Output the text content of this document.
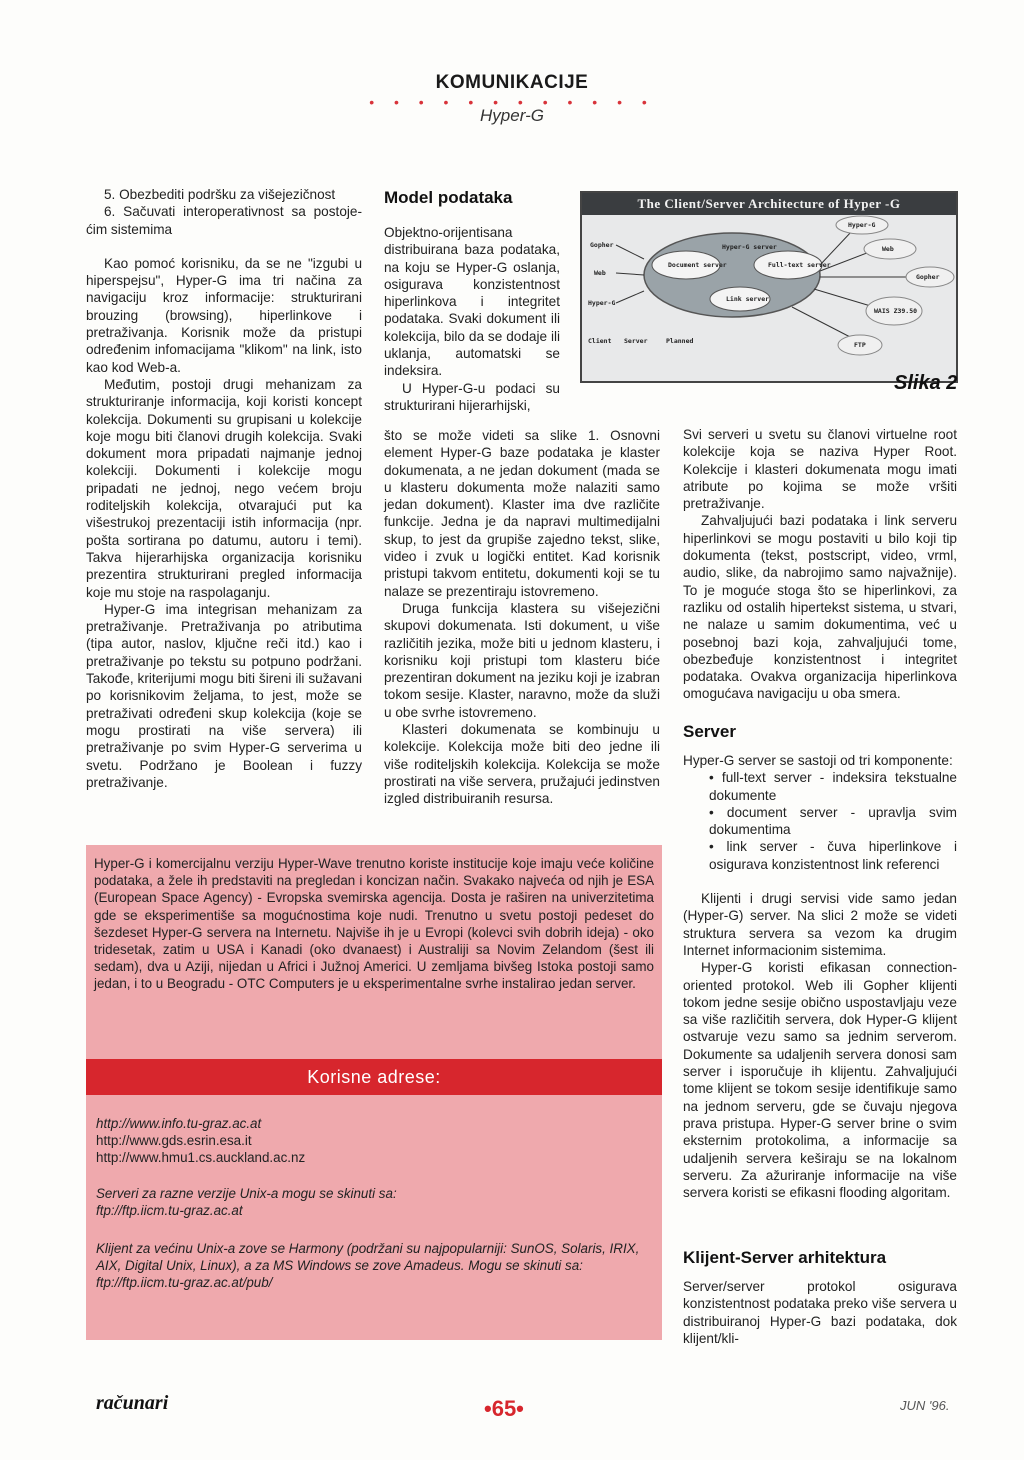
KOMUNIKACIJE
• • • • • • • • • • • •
Hyper-G

5. Obezbediti podršku za višejezičnost

6. Sačuvati interoperativnost sa postoje-ćim sistemima

Kao pomoć korisniku, da se ne "izgubi u hiperspejsu", Hyper-G ima tri načina za navigaciju kroz informacije: strukturirani brouzing (browsing), hiperlinkove i pretraživanja. Korisnik može da pristupi određenim infomacijama "klikom" na link, isto kao kod Web-a.

Međutim, postoji drugi mehanizam za strukturiranje informacija, koji koristi koncept kolekcija. Dokumenti su grupisani u kolekcije koje mogu biti članovi drugih kolekcija. Svaki dokument mora pripadati najmanje jednoj kolekciji. Dokumenti i kolekcije mogu pripadati ne jednoj, nego većem broju roditeljskih kolekcija, otvarajući put ka višestrukoj prezentaciji istih informacija (npr. pošta sortirana po datumu, autoru i temi). Takva hijerarhijska organizacija korisniku prezentira strukturirani pregled informacija koje mu stoje na raspolaganju.

Hyper-G ima integrisan mehanizam za pretraživanje. Pretraživanja po atributima (tipa autor, naslov, ključne reči itd.) kao i pretraživanje po tekstu su potpuno podržani. Takođe, kriterijumi mogu biti šireni ili sužavani po korisnikovim željama, to jest, može se pretraživati određeni skup kolekcija (koje se mogu prostirati na više servera) ili pretraživanje po svim Hyper-G serverima u svetu. Podržano je Boolean i fuzzy pretraživanje.

Model podataka

Objektno-orijentisana distribuirana baza podataka, na koju se Hyper-G oslanja, osigurava konzistentnost hiperlinkova i integritet podataka. Svaki dokument ili kolekcija, bilo da se dodaje ili uklanja, automatski se indeksira.

U Hyper-G-u podaci su strukturirani hijerarhijski,

što se može videti sa slike 1. Osnovni element Hyper-G baze podataka je klaster dokumenata, a ne jedan dokument (mada se u klasteru dokumenta može nalaziti samo jedan dokument). Klaster ima dve različite funkcije. Jedna je da napravi multimedijalni skup, to jest da grupiše zajedno tekst, slike, video i zvuk u logički entitet. Kad korisnik pristupi takvom entitetu, dokumenti koji se tu nalaze se prezentiraju istovremeno.

Druga funkcija klastera su višejezični skupovi dokumenata. Isti dokument, u više različitih jezika, može biti u jednom klasteru, i korisniku koji pristupi tom klasteru biće prezentiran dokument na jeziku koji je izabran tokom sesije. Klaster, naravno, može da služi u obe svrhe istovremeno.

Klasteri dokumenata se kombinuju u kolekcije. Kolekcija može biti deo jedne ili više roditeljskih kolekcija. Kolekcija se može prostirati na više servera, pružajući jedinstven izgled distribuiranih resursa.

The Client/Server Architecture of Hyper -G
Hyper-G server
Document server	Full-text server
Link server
Gopher
Web
Hyper-G
Client Server	Planned
Hyper-G
Web
Gopher
WAIS Z39.50
FTP
Slika 2

Svi serveri u svetu su članovi virtuelne root kolekcije koja se naziva Hyper Root. Kolekcije i klasteri dokumenata mogu imati atribute po kojima se može vršiti pretraživanje.

Zahvaljujući bazi podataka i link serveru hiperlinkovi se mogu postaviti u bilo koji tip dokumenta (tekst, postscript, video, vrml, audio, slike, da nabrojimo samo najvažnije). To je moguće stoga što se hiperlinkovi, za razliku od ostalih hipertekst sistema, u stvari, ne nalaze u samim dokumentima, već u posebnoj bazi koja, zahvaljujući tome, obezbeđuje konzistentnost i integritet podataka. Ovakva organizacija hiperlinkova omogućava navigaciju u oba smera.

Server

Hyper-G server se sastoji od tri komponente:

• full-text server - indeksira tekstualne dokumente

• document server - upravlja svim dokumentima

• link server - čuva hiperlinkove i osigurava konzistentnost link referenci

Klijenti i drugi servisi vide samo jedan (Hyper-G) server. Na slici 2 može se videti struktura servera sa vezom ka drugim Internet informacionim sistemima.

Hyper-G koristi efikasan connection-oriented protokol. Web ili Gopher klijenti tokom jedne sesije obično uspostavljaju veze sa više različitih servera, dok Hyper-G klijent ostvaruje vezu samo sa jednim serverom. Dokumente sa udaljenih servera donosi sam server i isporučuje ih klijentu. Zahvaljujući tome klijent se tokom sesije identifikuje samo na jednom serveru, gde se čuvaju njegova prava pristupa. Hyper-G server brine o svim eksternim protokolima, a informacije sa udaljenih servera keširaju se na lokalnom serveru. Za ažuriranje informacije na više servera koristi se efikasni flooding algoritam.

Klijent-Server arhitektura

Server/server protokol osigurava konzistentnost podataka preko više servera u distribuiranoj Hyper-G bazi podataka, dok klijent/kli-

Hyper-G i komercijalnu verziju Hyper-Wave trenutno koriste institucije koje imaju veće količine podataka, a žele ih predstaviti na pregledan i koncizan način. Svakako najveća od njih je ESA (European Space Agency) - Evropska svemirska agencija. Dosta je raširen na univerzitetima gde se eksperimentiše sa mogućnostima koje nudi. Trenutno u svetu postoji pedeset do šezdeset Hyper-G servera na Internetu. Najviše ih je u Evropi (kolevci svih dobrih ideja) - oko tridesetak, zatim u USA i Kanadi (oko dvanaest) i Australiji sa Novim Zelandom (šest ili sedam), dva u Aziji, nijedan u Africi i Južnoj Americi. U zemljama bivšeg Istoka postoji samo jedan, i to u Beogradu - OTC Computers je u eksperimentalne svrhe instalirao jedan server.
Korisne adrese:
http://www.info.tu-graz.ac.at
http://www.gds.esrin.esa.it
http://www.hmu1.cs.auckland.ac.nz
Serveri za razne verzije Unix-a mogu se skinuti sa:
ftp://ftp.iicm.tu-graz.ac.at
Klijent za većinu Unix-a zove se Harmony (podržani su najpopularniji: SunOS, Solaris, IRIX, AIX, Digital Unix, Linux), a za MS Windows se zove Amadeus. Mogu se skinuti sa: ftp://ftp.iicm.tu-graz.ac.at/pub/
računari	•65•	JUN '96.
